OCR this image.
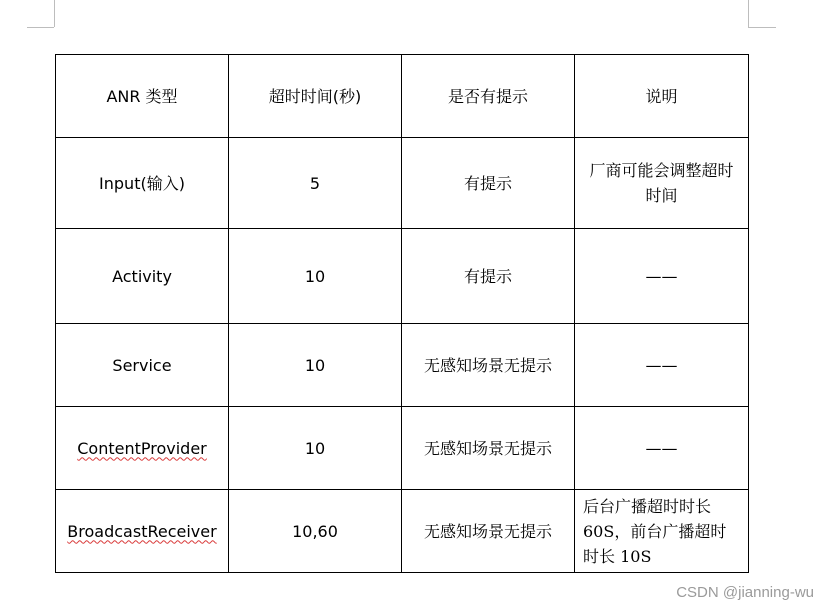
ANR 类型	超时时间(秒)	是否有提示	说明
Input(输入)	5	有提示	厂商可能会调整超时时间
Activity	10	有提示	——
Service	10	无感知场景无提示	——
ContentProvider	10	无感知场景无提示	——
BroadcastReceiver	10,60	无感知场景无提示	后台广播超时时长
60S，前台广播超时
时长 10S
CSDN @jianning-wu
